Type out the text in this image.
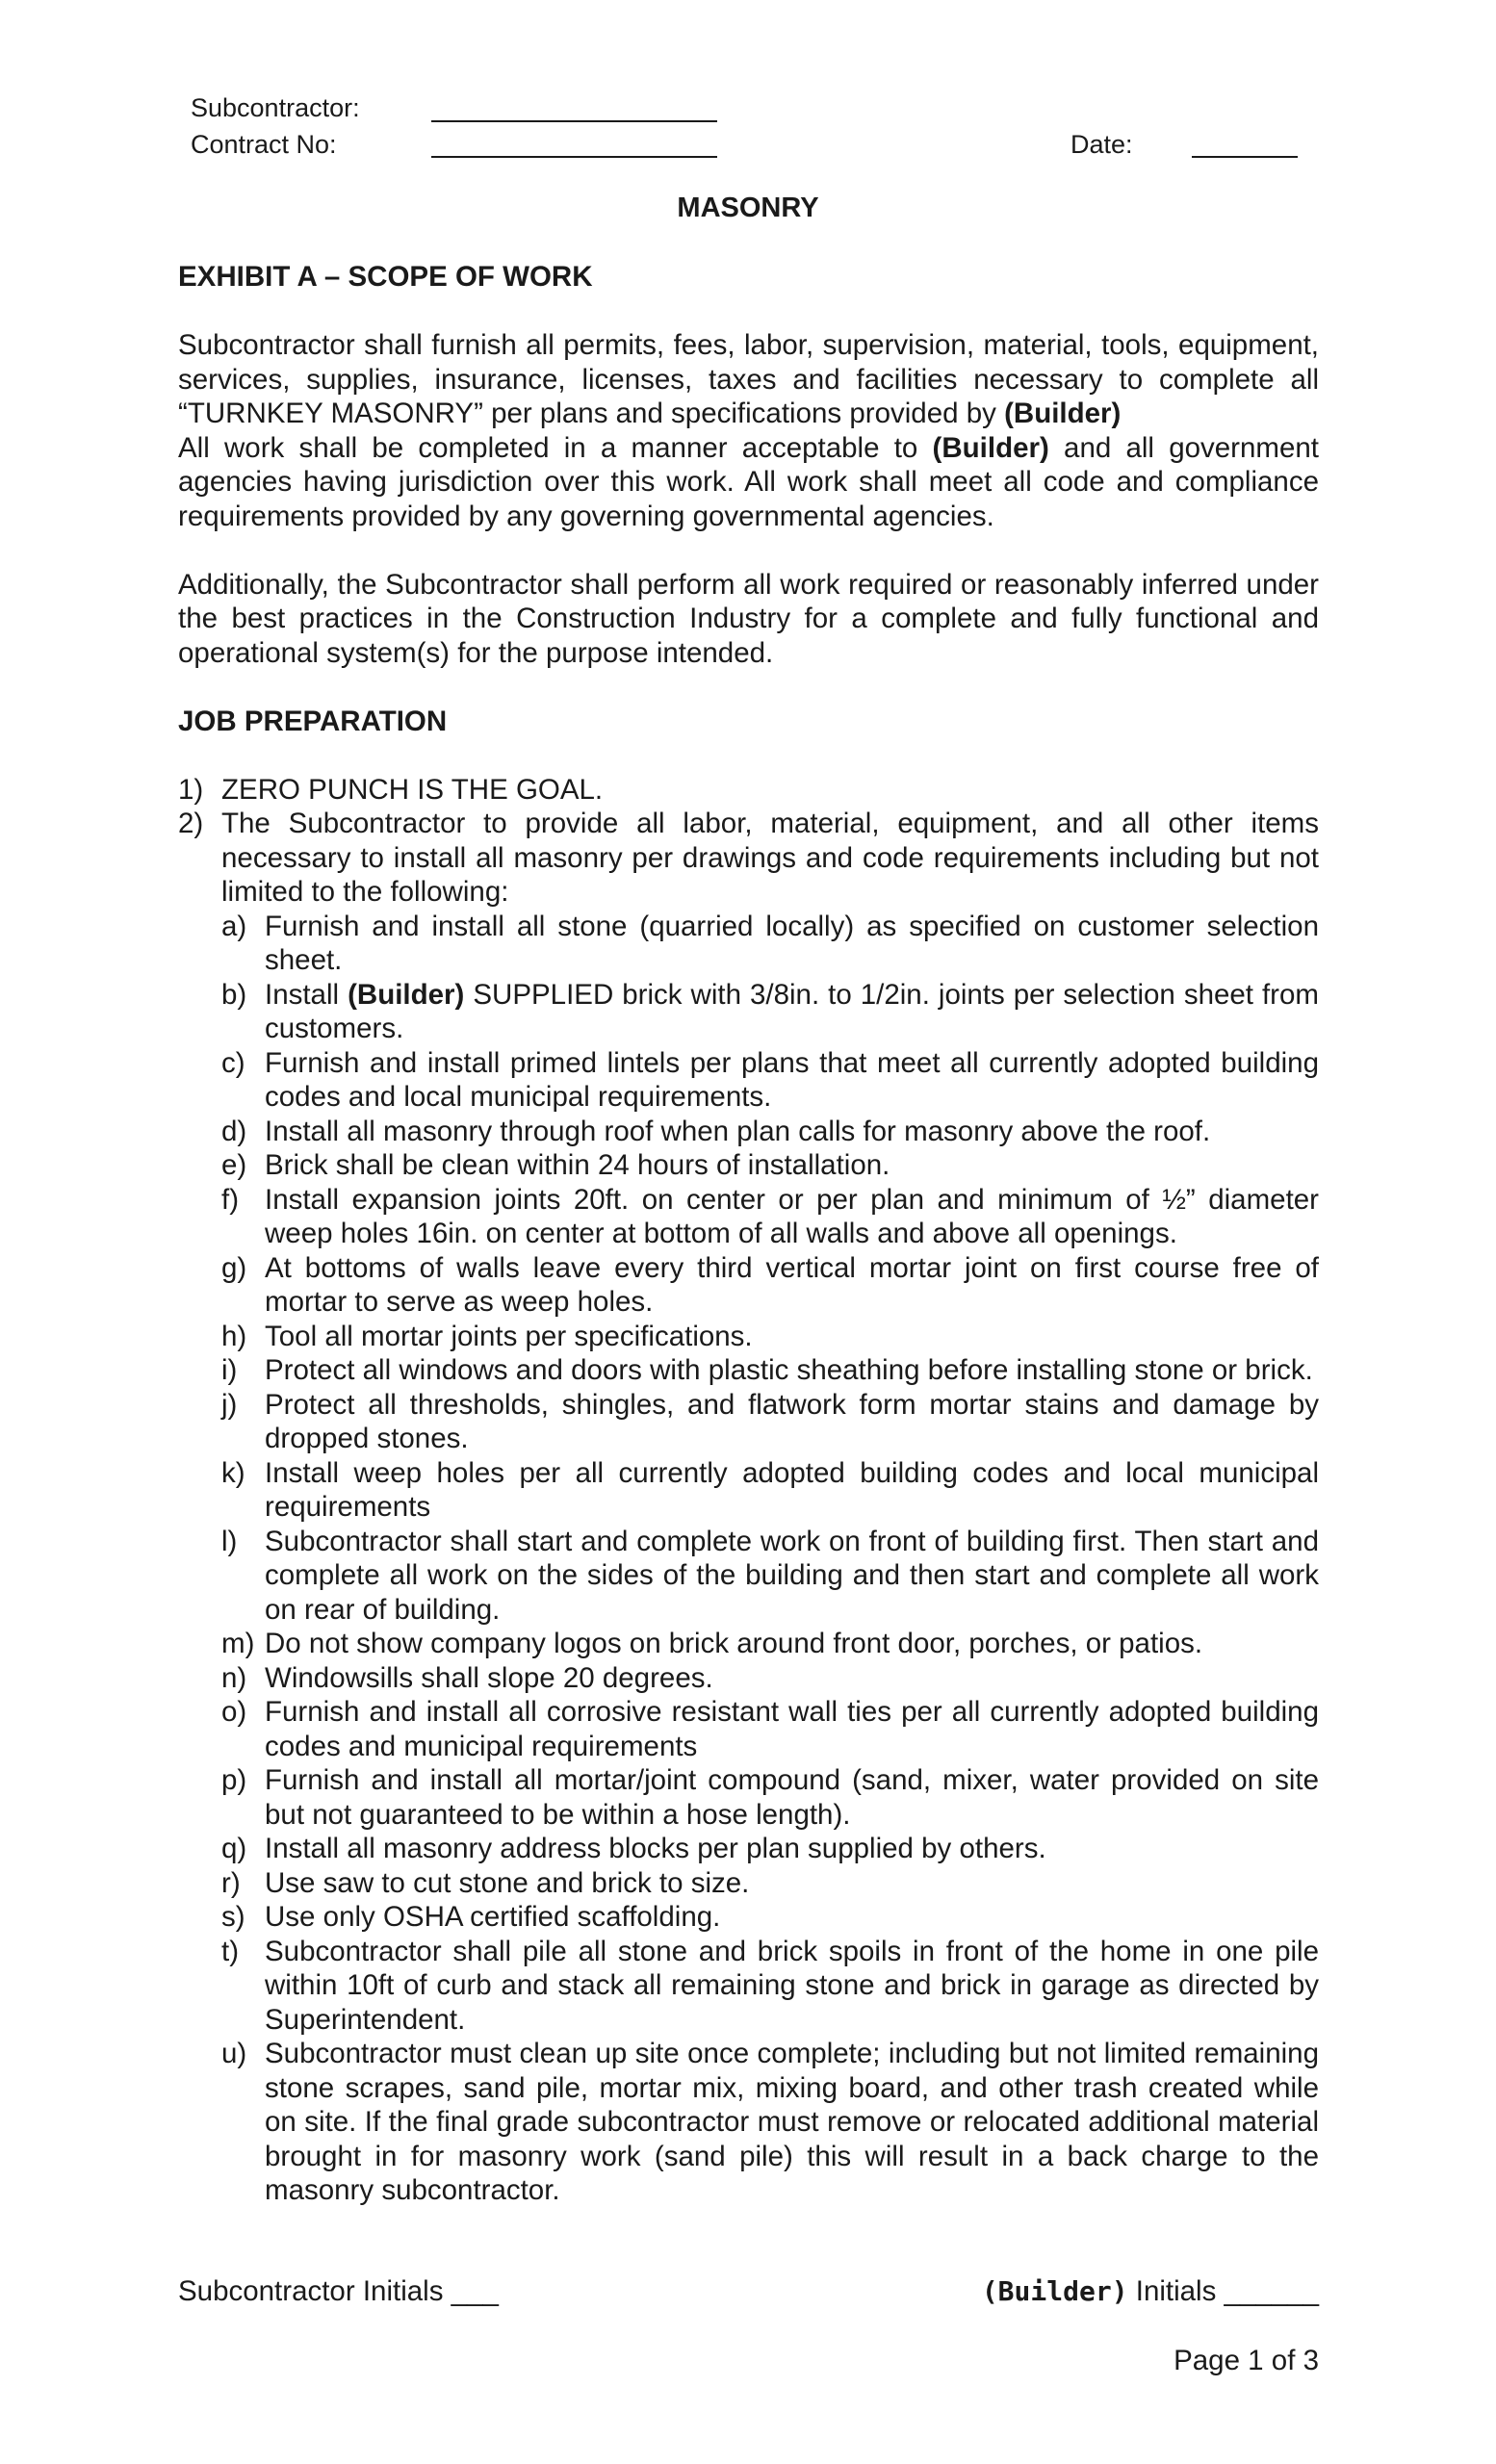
Subcontractor:
Contract No:	Date:
MASONRY

EXHIBIT A – SCOPE OF WORK

Subcontractor shall furnish all permits, fees, labor, supervision, material, tools, equipment, services, supplies, insurance, licenses, taxes and facilities necessary to complete all “TURNKEY MASONRY” per plans and specifications provided by (Builder)
All work shall be completed in a manner acceptable to (Builder) and all government agencies having jurisdiction over this work. All work shall meet all code and compliance requirements provided by any governing governmental agencies.

Additionally, the Subcontractor shall perform all work required or reasonably inferred under the best practices in the Construction Industry for a complete and fully functional and operational system(s) for the purpose intended.

JOB PREPARATION

1) ZERO PUNCH IS THE GOAL.
2) The Subcontractor to provide all labor, material, equipment, and all other items necessary to install all masonry per drawings and code requirements including but not limited to the following:
a) Furnish and install all stone (quarried locally) as specified on customer selection sheet.
b) Install (Builder) SUPPLIED brick with 3/8in. to 1/2in. joints per selection sheet from customers.
c) Furnish and install primed lintels per plans that meet all currently adopted building codes and local municipal requirements.
d) Install all masonry through roof when plan calls for masonry above the roof.
e) Brick shall be clean within 24 hours of installation.
f) Install expansion joints 20ft. on center or per plan and minimum of ½” diameter weep holes 16in. on center at bottom of all walls and above all openings.
g) At bottoms of walls leave every third vertical mortar joint on first course free of mortar to serve as weep holes.
h) Tool all mortar joints per specifications.
i) Protect all windows and doors with plastic sheathing before installing stone or brick.
j) Protect all thresholds, shingles, and flatwork form mortar stains and damage by dropped stones.
k) Install weep holes per all currently adopted building codes and local municipal requirements
l) Subcontractor shall start and complete work on front of building first. Then start and complete all work on the sides of the building and then start and complete all work on rear of building.
m) Do not show company logos on brick around front door, porches, or patios.
n) Windowsills shall slope 20 degrees.
o) Furnish and install all corrosive resistant wall ties per all currently adopted building codes and municipal requirements
p) Furnish and install all mortar/joint compound (sand, mixer, water provided on site but not guaranteed to be within a hose length).
q) Install all masonry address blocks per plan supplied by others.
r) Use saw to cut stone and brick to size.
s) Use only OSHA certified scaffolding.
t) Subcontractor shall pile all stone and brick spoils in front of the home in one pile within 10ft of curb and stack all remaining stone and brick in garage as directed by Superintendent.
u) Subcontractor must clean up site once complete; including but not limited remaining stone scrapes, sand pile, mortar mix, mixing board, and other trash created while on site. If the final grade subcontractor must remove or relocated additional material brought in for masonry work (sand pile) this will result in a back charge to the masonry subcontractor.
Subcontractor Initials ___	(Builder) Initials ______
Page 1 of 3
